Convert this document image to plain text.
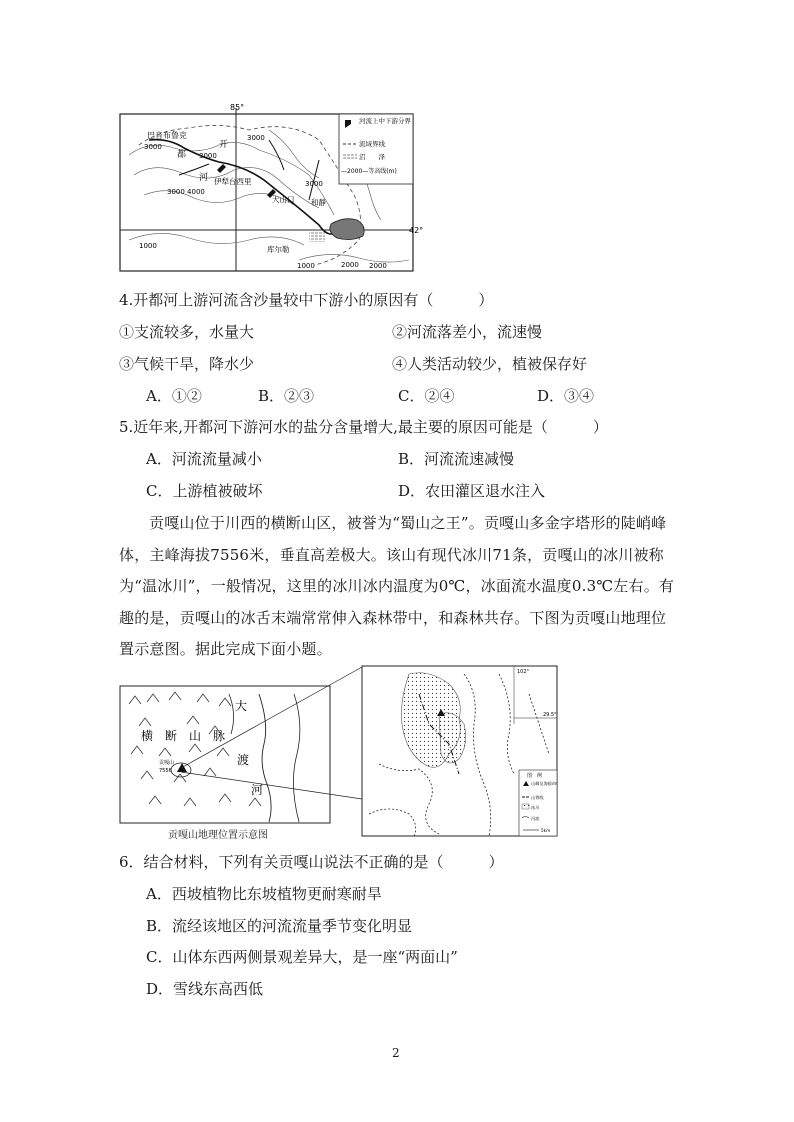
85°
42°
巴音布鲁克
开
都
河 伊犁台西里
大山口 和静
库尔勒
3000
3000
3000
3000
3000 4000
1000
2000 2000
1000
河流上中下游分界
流域界线
沼　　泽
—2000—等高线(m)
4.开都河上游河流含沙量较中下游小的原因有（　　　）
①支流较多，水量大	②河流落差小，流速慢
③气候干旱，降水少	④人类活动较少，植被保存好
A．①②	B．②③	C．②④	D．③④
5.近年来,开都河下游河水的盐分含量增大,最主要的原因可能是（　　　）
A．河流流量减小	B．河流流速减慢
C．上游植被破坏	D．农田灌区退水注入
贡嘎山位于川西的横断山区，被誉为“蜀山之王”。贡嘎山多金字塔形的陡峭峰体，主峰海拔7556米，垂直高差极大。该山有现代冰川71条，贡嘎山的冰川被称为“温冰川”，一般情况，这里的冰川冰内温度为0℃，冰面流水温度0.3℃左右。有趣的是，贡嘎山的冰舌末端常常伸入森林带中，和森林共存。下图为贡嘎山地理位置示意图。据此完成下面小题。
贡嘎山
7556
大
横　断　山　脉
渡
河
102°
29.5°
图　例
山峰及海拔/m
山脊线
冰川
河流
5km
贡嘎山地理位置示意图
6．结合材料，下列有关贡嘎山说法不正确的是（　　　）
A．西坡植物比东坡植物更耐寒耐旱
B．流经该地区的河流流量季节变化明显
C．山体东西两侧景观差异大，是一座“两面山”
D．雪线东高西低
2
